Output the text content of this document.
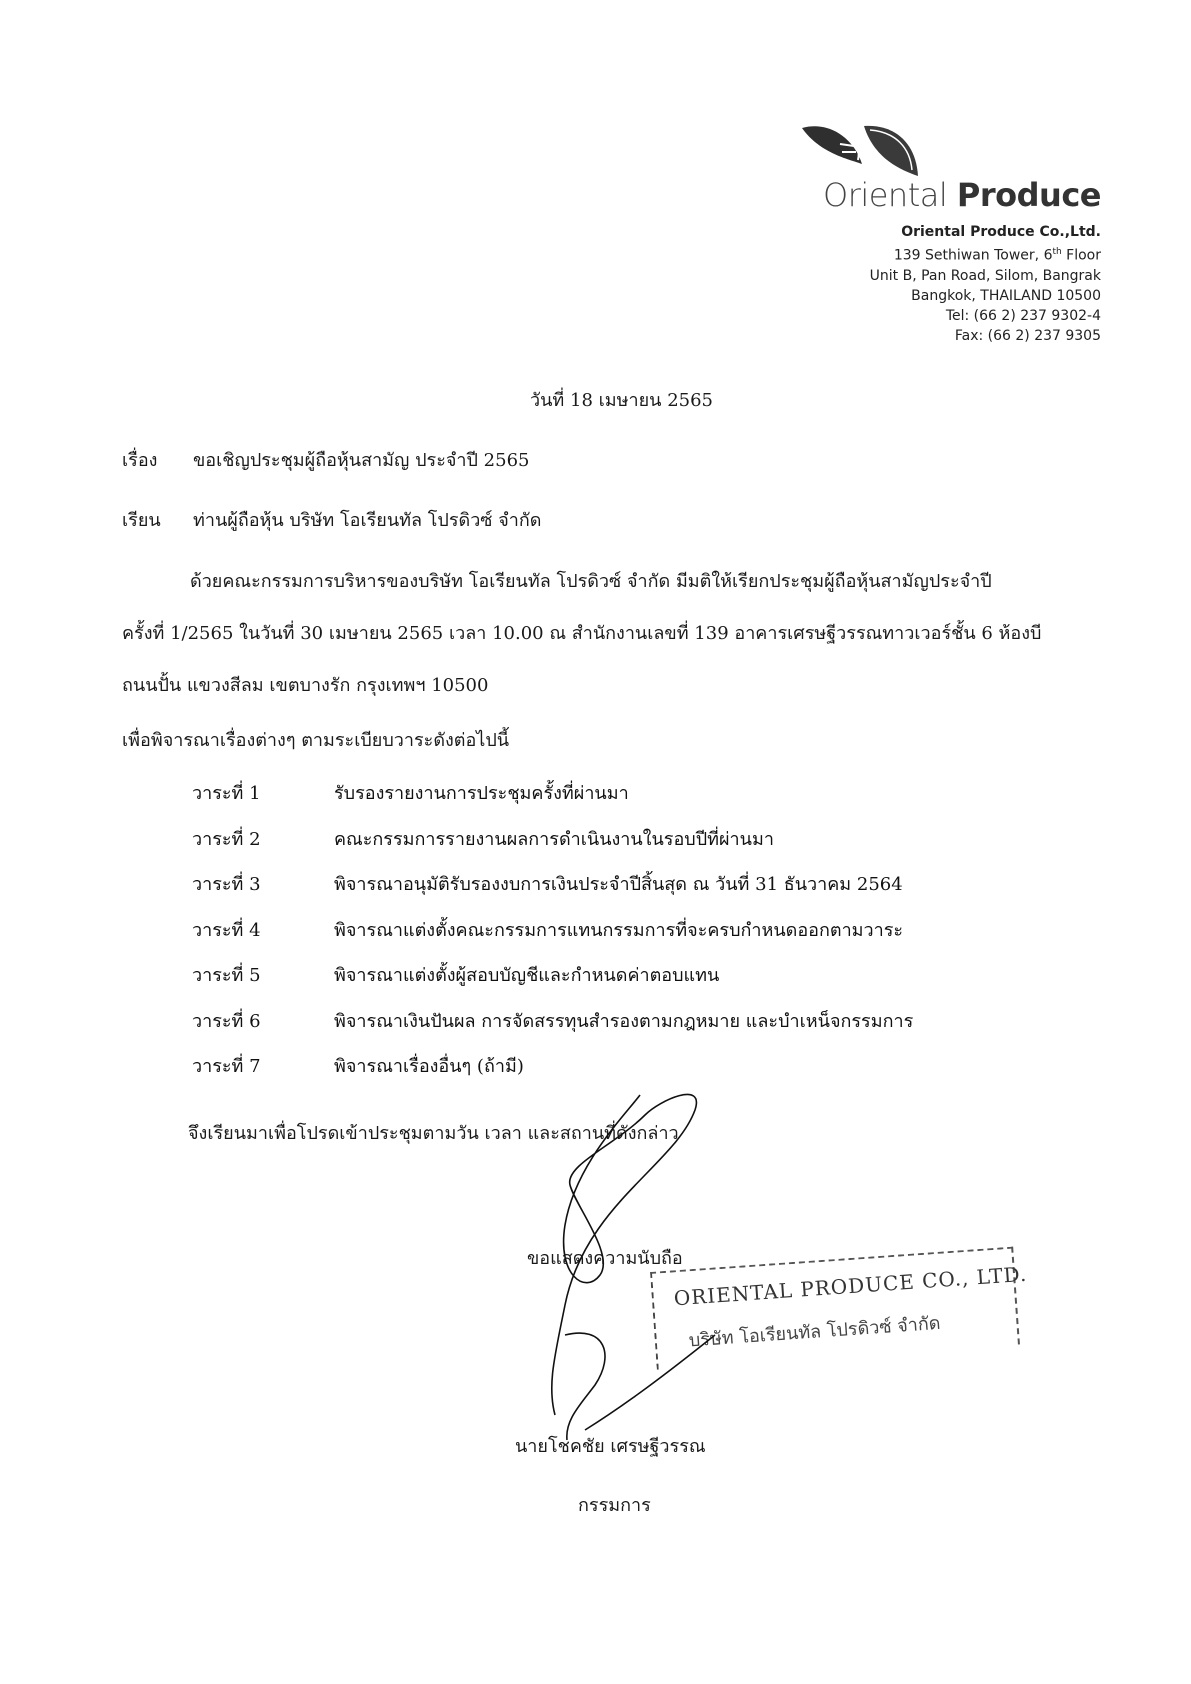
Oriental Produce
Oriental Produce Co.,Ltd.
139 Sethiwan Tower, 6th Floor
Unit B, Pan Road, Silom, Bangrak
Bangkok, THAILAND 10500
Tel: (66 2) 237 9302-4
Fax: (66 2) 237 9305
วันที่ 18 เมษายน 2565
เรื่อง ขอเชิญประชุมผู้ถือหุ้นสามัญ ประจำปี 2565
เรียน ท่านผู้ถือหุ้น บริษัท โอเรียนทัล โปรดิวซ์ จำกัด
ด้วยคณะกรรมการบริหารของบริษัท โอเรียนทัล โปรดิวซ์ จำกัด มีมติให้เรียกประชุมผู้ถือหุ้นสามัญประจำปี
ครั้งที่ 1/2565 ในวันที่ 30 เมษายน 2565 เวลา 10.00 ณ สำนักงานเลขที่ 139 อาคารเศรษฐีวรรณทาวเวอร์ชั้น 6 ห้องบี
ถนนปั้น แขวงสีลม เขตบางรัก กรุงเทพฯ 10500
เพื่อพิจารณาเรื่องต่างๆ ตามระเบียบวาระดังต่อไปนี้
วาระที่ 1	รับรองรายงานการประชุมครั้งที่ผ่านมา
วาระที่ 2	คณะกรรมการรายงานผลการดำเนินงานในรอบปีที่ผ่านมา
วาระที่ 3	พิจารณาอนุมัติรับรองงบการเงินประจำปีสิ้นสุด ณ วันที่ 31 ธันวาคม 2564
วาระที่ 4	พิจารณาแต่งตั้งคณะกรรมการแทนกรรมการที่จะครบกำหนดออกตามวาระ
วาระที่ 5	พิจารณาแต่งตั้งผู้สอบบัญชีและกำหนดค่าตอบแทน
วาระที่ 6	พิจารณาเงินปันผล การจัดสรรทุนสำรองตามกฎหมาย และบำเหน็จกรรมการ
วาระที่ 7	พิจารณาเรื่องอื่นๆ (ถ้ามี)
จึงเรียนมาเพื่อโปรดเข้าประชุมตามวัน เวลา และสถานที่ดังกล่าว
ขอแสดงความนับถือ
ORIENTAL PRODUCE CO., LTD.
บริษัท โอเรียนทัล โปรดิวซ์ จำกัด
นายโชคชัย เศรษฐีวรรณ
กรรมการ
